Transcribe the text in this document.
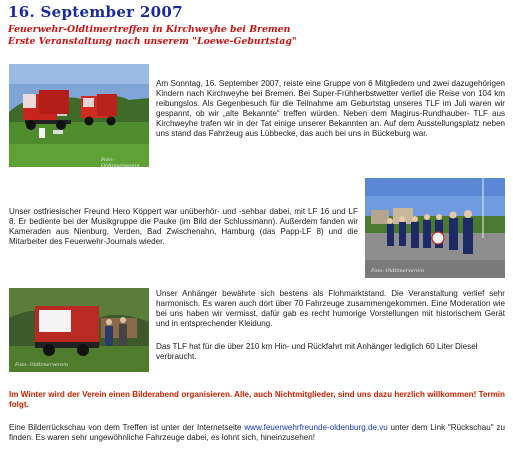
16. September 2007
Feuerwehr-Oldtimertreffen in Kirchweyhe bei Bremen
Erste Veranstaltung nach unserem "Loewe-Geburtstag"
Foto: Oldtimerverein
Am Sonntag, 16. September 2007, reiste eine Gruppe von 6 Mitgliedern und zwei dazugehörigen Kindern nach Kirchweyhe bei Bremen. Bei Super-Frühherbstwetter verlief die Reise von 104 km reibungslos. Als Gegenbesuch für die Teilnahme am Geburtstag unseres TLF im Juli waren wir gespannt, ob wir „alte Bekannte“ treffen würden. Neben dem Magirus-Rundhauber- TLF aus Kirchweyhe trafen wir in der Tat einige unserer Bekannten an. Auf dem Ausstellungsplatz neben uns stand das Fahrzeug aus Lübbecke, das auch bei uns in Bückeburg war.
Foto: Oldtimerverein
Unser ostfriesischer Freund Hero Köppert war unüberhör- und -sehbar dabei, mit LF 16 und LF 8. Er bediente bei der Musikgruppe die Pauke (im Bild der Schlussmann). Außerdem fanden wir Kameraden aus Nienburg, Verden, Bad Zwischenahn, Hamburg (das Papp-LF 8) und die Mitarbeiter des Feuerwehr-Journals wieder.
Foto: Oldtimerverein
Unser Anhänger bewährte sich bestens als Flohmarktstand. Die Veranstaltung verlief sehr harmonisch. Es waren auch dort über 70 Fahrzeuge zusammengekommen. Eine Moderation wie bei uns haben wir vermisst, dafür gab es recht humorige Vorstellungen mit historischem Gerät und in entsprechender Kleidung.
Das TLF hat für die über 210 km Hin- und Rückfahrt mit Anhänger lediglich 60 Liter Diesel verbraucht.
Im Winter wird der Verein einen Bilderabend organisieren. Alle, auch Nichtmitglieder, sind uns dazu herzlich willkommen! Termin folgt.
Eine Bilderrückschau von dem Treffen ist unter der Internetseite www.feuerwehrfreunde-oldenburg.de.vu unter dem Link "Rückschau" zu finden. Es waren sehr ungewöhnliche Fahrzeuge dabei, es lohnt sich, hineinzusehen!
